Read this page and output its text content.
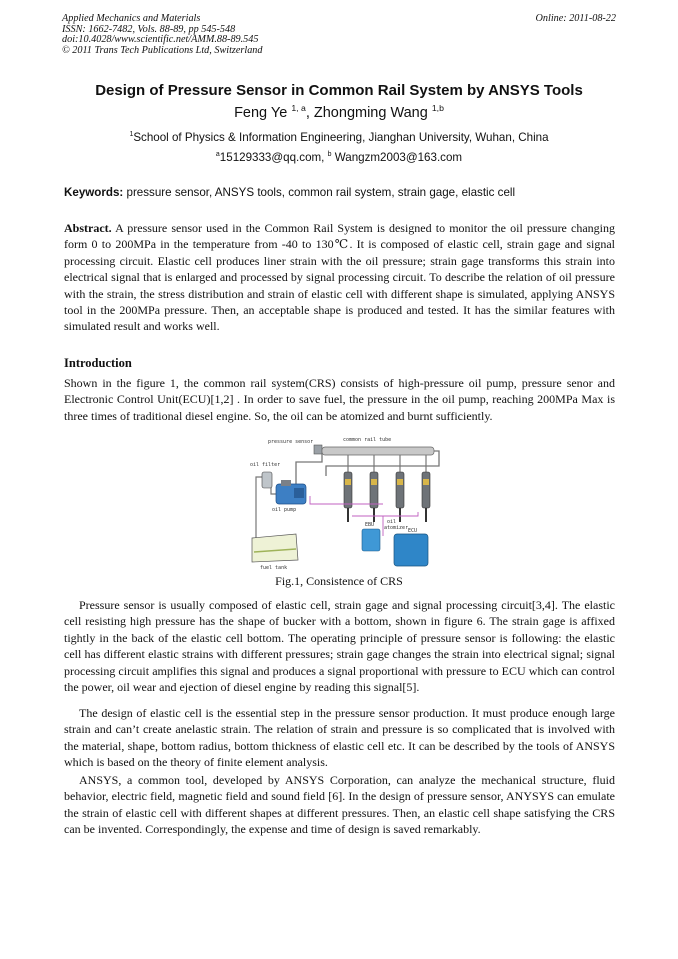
Applied Mechanics and Materials
ISSN: 1662-7482, Vols. 88-89, pp 545-548
doi:10.4028/www.scientific.net/AMM.88-89.545
© 2011 Trans Tech Publications Ltd, Switzerland
Online: 2011-08-22
Design of Pressure Sensor in Common Rail System by ANSYS Tools
Feng Ye $^{1, a}$, Zhongming Wang $^{1,b}$
$^1$School of Physics & Information Engineering, Jianghan University, Wuhan, China
$^a$15129333@qq.com, $^b$ Wangzm2003@163.com
Keywords: pressure sensor, ANSYS tools, common rail system, strain gage, elastic cell

Abstract. A pressure sensor used in the Common Rail System is designed to monitor the oil pressure changing form 0 to 200MPa in the temperature from -40 to 130℃. It is composed of elastic cell, strain gage and signal processing circuit. Elastic cell produces liner strain with the oil pressure; strain gage transforms this strain into electrical signal that is enlarged and processed by signal processing circuit. To describe the relation of oil pressure with the strain, the stress distribution and strain of elastic cell with different shape is simulated, applying ANSYS tool in the 200MPa pressure. Then, an acceptable shape is produced and tested. It has the similar features with simulated result and works well.

Introduction

Shown in the figure 1, the common rail system(CRS) consists of high-pressure oil pump, pressure senor and Electronic Control Unit(ECU)[1,2] . In order to save fuel, the pressure in the oil pump, reaching 200MPa Max is three times of traditional diesel engine. So, the oil can be atomized and burnt sufficiently.

pressure sensor	common rail tube
oil filter
oil pump
fuel tank
EBU	oil
atomizer ECU
Fig.1, Consistence of CRS

Pressure sensor is usually composed of elastic cell, strain gage and signal processing circuit[3,4]. The elastic cell resisting high pressure has the shape of bucker with a bottom, shown in figure 6. The strain gage is affixed tightly in the back of the elastic cell bottom. The operating principle of pressure sensor is following: the elastic cell has different elastic strains with different pressures; strain gage changes the strain into electrical signal; signal processing circuit amplifies this signal and produces a signal proportional with pressure to ECU which can control the power, oil wear and ejection of diesel engine by reading this signal[5].

The design of elastic cell is the essential step in the pressure sensor production. It must produce enough large strain and can’t create anelastic strain. The relation of strain and pressure is so complicated that is involved with the material, shape, bottom radius, bottom thickness of elastic cell etc. It can be described by the tools of ANSYS which is based on the theory of finite element analysis.

ANSYS, a common tool, developed by ANSYS Corporation, can analyze the mechanical structure, fluid behavior, electric field, magnetic field and sound field [6]. In the design of pressure sensor, ANYSYS can emulate the strain of elastic cell with different shapes at different pressures. Then, an elastic cell shape satisfying the CRS can be invented. Correspondingly, the expense and time of design is saved remarkably.
